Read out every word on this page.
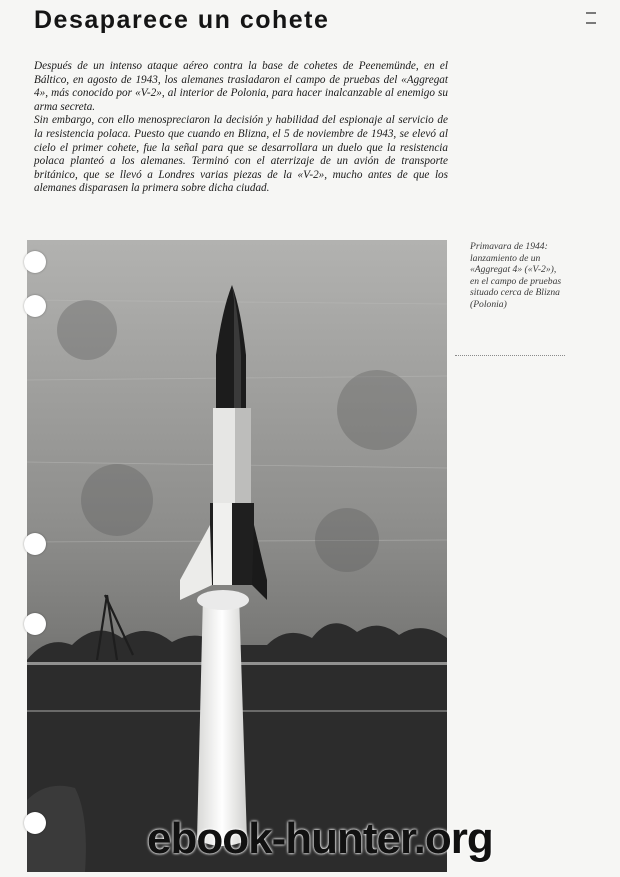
Desaparece un cohete

Después de un intenso ataque aéreo contra la base de cohetes de Peenemünde, en el Báltico, en agosto de 1943, los alemanes trasladaron el campo de pruebas del «Aggregat 4», más conocido por «V-2», al interior de Polonia, para hacer inalcanzable al enemigo su arma secreta.

Sin embargo, con ello menospreciaron la decisión y habilidad del espionaje al servicio de la resistencia polaca. Puesto que cuando en Blizna, el 5 de noviembre de 1943, se elevó al cielo el primer cohete, fue la señal para que se desarrollara un duelo que la resistencia polaca planteó a los alemanes. Terminó con el aterrizaje de un avión de transporte británico, que se llevó a Londres varias piezas de la «V-2», mucho antes de que los alemanes disparasen la primera sobre dicha ciudad.

Primavara de 1944:
lanzamiento de un
«Aggregat 4» («V-2»),
en el campo de pruebas
situado cerca de Blizna
(Polonia)
ebook-hunter.org
